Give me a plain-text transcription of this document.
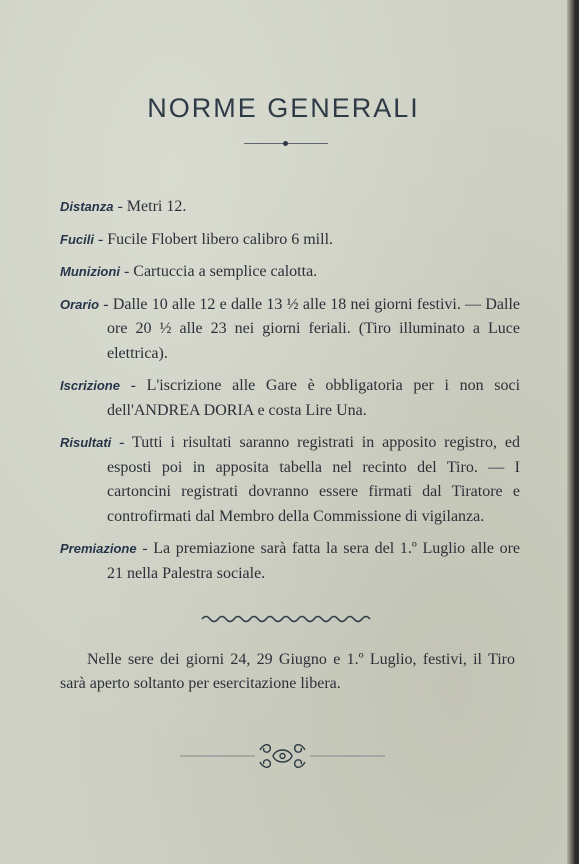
NORME GENERALI
Distanza - Metri 12.
Fucili - Fucile Flobert libero calibro 6 mill.
Munizioni - Cartuccia a semplice calotta.
Orario - Dalle 10 alle 12 e dalle 13 ½ alle 18 nei giorni festivi. — Dalle ore 20 ½ alle 23 nei giorni feriali. (Tiro illuminato a Luce elettrica).
Iscrizione - L'iscrizione alle Gare è obbligatoria per i non soci dell'ANDREA DORIA e costa Lire Una.
Risultati - Tutti i risultati saranno registrati in apposito registro, ed esposti poi in apposita tabella nel recinto del Tiro. — I cartoncini registrati dovranno essere firmati dal Tiratore e controfirmati dal Membro della Commissione di vigilanza.
Premiazione - La premiazione sarà fatta la sera del 1.º Luglio alle ore 21 nella Palestra sociale.
Nelle sere dei giorni 24, 29 Giugno e 1.º Luglio, festivi, il Tiro sarà aperto soltanto per esercitazione libera.
